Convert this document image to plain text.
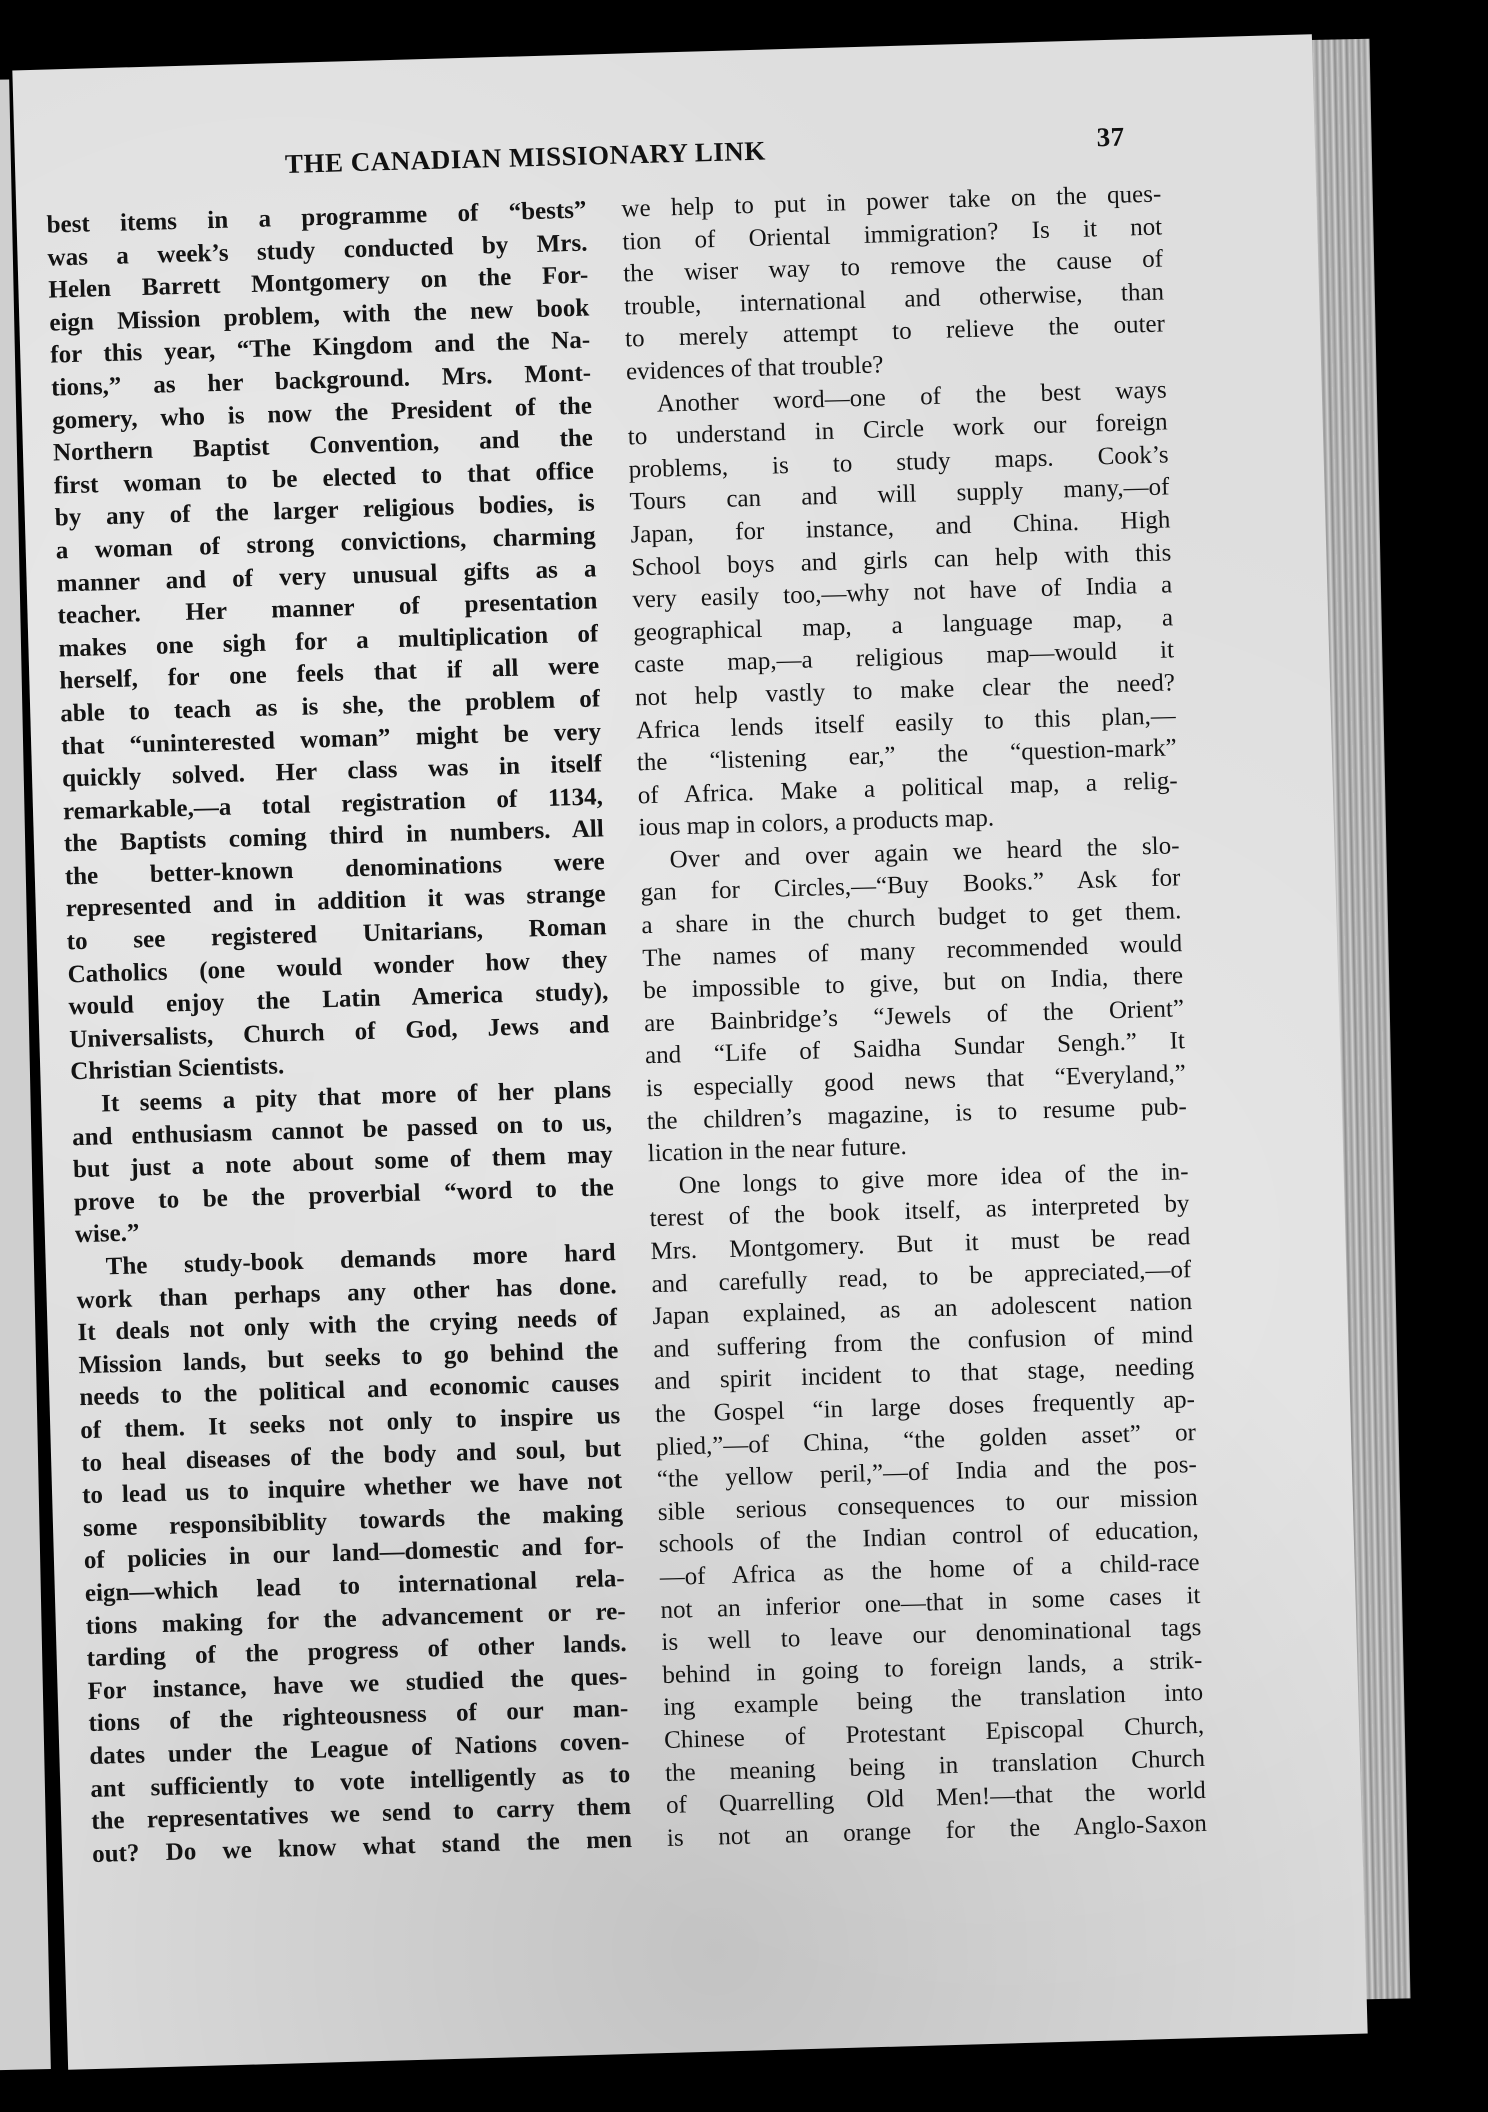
THE CANADIAN MISSIONARY LINK	37
best items in a programme of “bests”
was a week’s study conducted by Mrs.
Helen Barrett Montgomery on the For-
eign Mission problem, with the new book
for this year, “The Kingdom and the Na-
tions,” as her background. Mrs. Mont-
gomery, who is now the President of the
Northern Baptist Convention, and the
first woman to be elected to that office
by any of the larger religious bodies, is
a woman of strong convictions, charming
manner and of very unusual gifts as a
teacher. Her manner of presentation
makes one sigh for a multiplication of
herself, for one feels that if all were
able to teach as is she, the problem of
that “uninterested woman” might be very
quickly solved. Her class was in itself
remarkable,—a total registration of 1134,
the Baptists coming third in numbers. All
the better-known denominations were
represented and in addition it was strange
to see registered Unitarians, Roman
Catholics (one would wonder how they
would enjoy the Latin America study),
Universalists, Church of God, Jews and
Christian Scientists.
It seems a pity that more of her plans
and enthusiasm cannot be passed on to us,
but just a note about some of them may
prove to be the proverbial “word to the
wise.”
The study-book demands more hard
work than perhaps any other has done.
It deals not only with the crying needs of
Mission lands, but seeks to go behind the
needs to the political and economic causes
of them. It seeks not only to inspire us
to heal diseases of the body and soul, but
to lead us to inquire whether we have not
some responsibiblity towards the making
of policies in our land—domestic and for-
eign—which lead to international rela-
tions making for the advancement or re-
tarding of the progress of other lands.
For instance, have we studied the ques-
tions of the righteousness of our man-
dates under the League of Nations coven-
ant sufficiently to vote intelligently as to
the representatives we send to carry them
out? Do we know what stand the men
we help to put in power take on the ques-
tion of Oriental immigration? Is it not
the wiser way to remove the cause of
trouble, international and otherwise, than
to merely attempt to relieve the outer
evidences of that trouble?
Another word—one of the best ways
to understand in Circle work our foreign
problems, is to study maps. Cook’s
Tours can and will supply many,—of
Japan, for instance, and China. High
School boys and girls can help with this
very easily too,—why not have of India a
geographical map, a language map, a
caste map,—a religious map—would it
not help vastly to make clear the need?
Africa lends itself easily to this plan,—
the “listening ear,” the “question-mark”
of Africa. Make a political map, a relig-
ious map in colors, a products map.
Over and over again we heard the slo-
gan for Circles,—“Buy Books.” Ask for
a share in the church budget to get them.
The names of many recommended would
be impossible to give, but on India, there
are Bainbridge’s “Jewels of the Orient”
and “Life of Saidha Sundar Sengh.” It
is especially good news that “Everyland,”
the children’s magazine, is to resume pub-
lication in the near future.
One longs to give more idea of the in-
terest of the book itself, as interpreted by
Mrs. Montgomery. But it must be read
and carefully read, to be appreciated,—of
Japan explained, as an adolescent nation
and suffering from the confusion of mind
and spirit incident to that stage, needing
the Gospel “in large doses frequently ap-
plied,”—of China, “the golden asset” or
“the yellow peril,”—of India and the pos-
sible serious consequences to our mission
schools of the Indian control of education,
—of Africa as the home of a child-race
not an inferior one—that in some cases it
is well to leave our denominational tags
behind in going to foreign lands, a strik-
ing example being the translation into
Chinese of Protestant Episcopal Church,
the meaning being in translation Church
of Quarrelling Old Men!—that the world
is not an orange for the Anglo-Saxon
